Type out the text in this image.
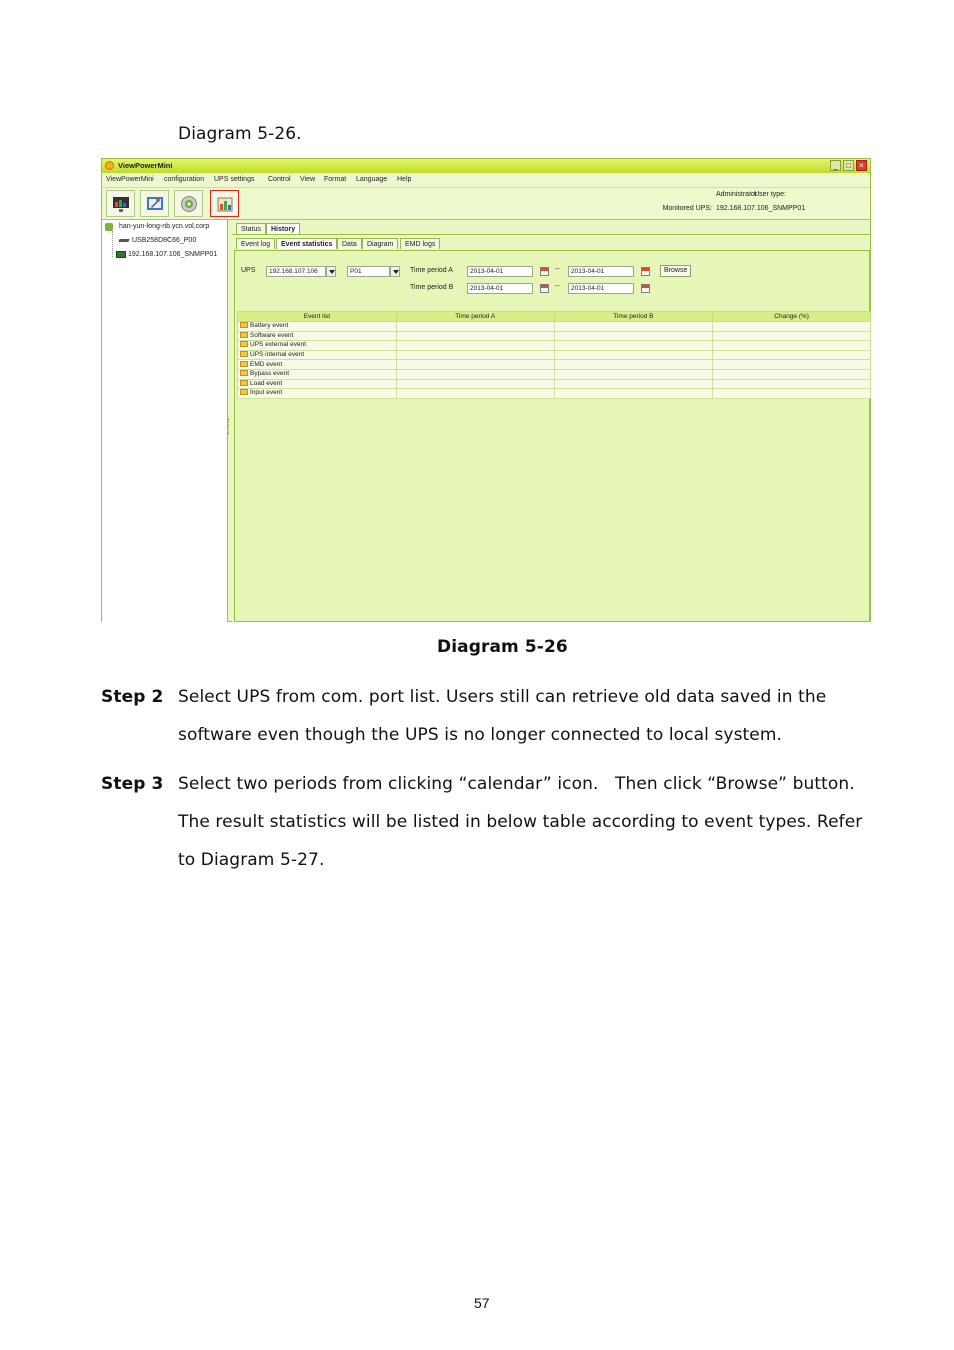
Diagram 5-26.
ViewPowerMini	_	□	×
ViewPowerMini configuration UPS settings Control View Format Language Help
User type:
Administrator
Monitored UPS: 192.168.107.106_SNMPP01
han-yun-long-nb.ycn.vol.corp
USB258D8C66_P00
192.168.107.106_SNMPP01
Status	History
Event log	Event statistics	Data	Diagram	EMD logs
UPS	192.168.107.106	P01	Time period A	2013-04-01	--	2013-04-01	Browse
Time period B	2013-04-01	--	2013-04-01
Event list	Time period A	Time period B	Change (%)
Battery event			
Software event			
UPS external event			
UPS internal event			
EMD event			
Bypass event			
Load event			
Input event			
Diagram 5-26
Step 2 Select UPS from com. port list. Users still can retrieve old data saved in the
software even though the UPS is no longer connected to local system.
Step 3 Select two periods from clicking “calendar” icon.   Then click “Browse” button.
The result statistics will be listed in below table according to event types. Refer
to Diagram 5-27.
57
